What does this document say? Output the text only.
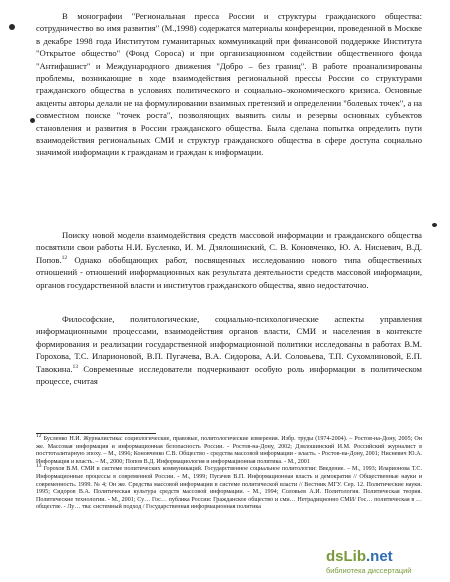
В монографии "Региональная пресса России и структуры гражданского общества: сотрудничество во имя развития" (М.,1998) содержатся материалы конференции, проведенной в Москве в декабре 1998 года Институтом гуманитарных коммуникаций при финансовой поддержке Института "Открытое общество" (Фонд Сороса) и при организационном содействии общественного фонда "Антифашист" и Международного движения "Добро – без границ". В работе проанализированы проблемы, возникающие в ходе взаимодействия региональной прессы России со структурами гражданского общества в условиях политического и социально–экономического кризиса. Основные акценты авторы делали не на формулировании взаимных претензий и определении "болевых точек", а на совместном поиске "точек роста", позволяющих выявить силы и резервы основных субъектов становления и развития в России гражданского общества. Была сделана попытка определить пути взаимодействия региональных СМИ и структур гражданского общества в сфере доступа социально значимой информации к гражданам и граждан к информации.

Поиску новой модели взаимодействия средств массовой информации и гражданского общества посвятили свои работы Н.И. Бусленко, И. М. Дзялошинский, С. В. Коновченко, Ю. А. Нисневич, В.Д. Попов.$^{12}$ Однако обобщающих работ, посвященных исследованию нового типа общественных отношений - отношений информационных как результата деятельности средств массовой информации, органов государственной власти и институтов гражданского общества, явно недостаточно.

Философские, политологические, социально-психологические аспекты управления информационными процессами, взаимодействия органов власти, СМИ и населения в контексте формирования и реализации государственной информационной политики исследованы в работах В.М. Горохова, Т.С. Иларионовой, В.П. Пугачева, В.А. Сидорова, А.И. Соловьева, Т.П. Сухомлиновой, Е.П. Тавокина.$^{13}$ Современные исследователи подчеркивают особую роль информации в политическом процессе, считая

12 Бусленко Н.И. Журналистика: социологические, правовые, политологические измерения. Избр. труды (1974-2004). – Ростов-на-Дону, 2005; Он же. Массовая информация и информационная безопасность России. - Ростов-на-Дону, 2002; Дзялошинский И.М. Российский журналист в посттоталитарную эпоху. – М., 1996; Коновченко С.В. Общество - средства массовой информации - власть. - Ростов-на-Дону, 2001; Нисневич Ю.А. Информация и власть. – М., 2000; Попов В.Д. Информациология и информационная политика. - М., 2001

13 Горохов В.М. СМИ в системе политических коммуникаций. Государственное социальное политологии: Введение. – М., 1993; Иларионова Т.С. Информационные процессы в современной России. - М., 1999; Пугачев В.П. Информационная власть и демократия // Общественные науки и современность. 1999. № 4; Он же. Средства массовой информации в системе политической власти // Вестник МГУ. Сер. 12. Политические науки. 1995; Сидоров В.А. Политическая культура средств массовой информации. - М., 1994; Соловьев А.И. Политология. Политическая теория. Политические технологии. - М., 2001; Су… Гос… публика России: Гражданское общество и сми… Нетрадиционно СМИ/ Гос… политическая в … обществе. - Лу… тва: системный подход / Государственная информационная политика

dsLib.net
библиотека диссертаций
